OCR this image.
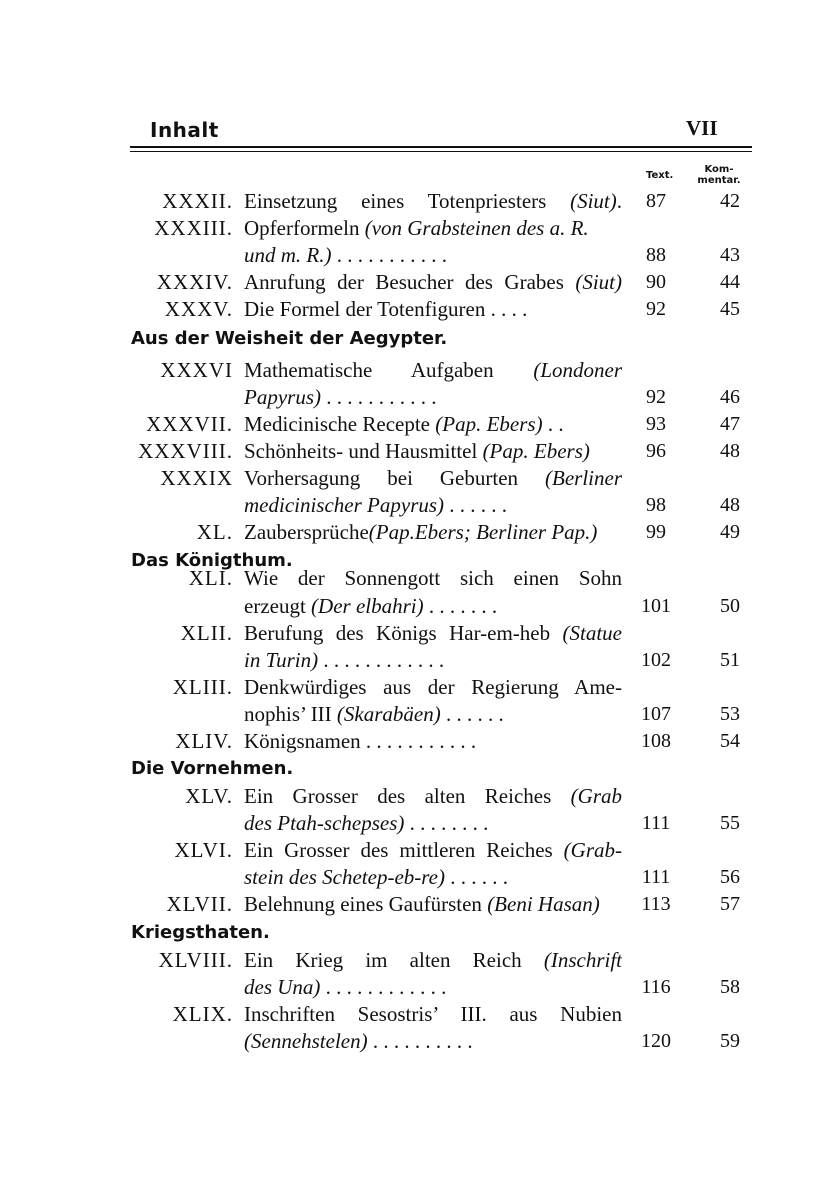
Inhalt	VII
Text.
Kom-
mentar.
XXXII. Einsetzung eines Totenpriesters (Siut).	87	42
XXXIII. Opferformeln (von Grabsteinen des a. R.
und m. R.) . . . . . . . . . . .	88	43
XXXIV. Anrufung der Besucher des Grabes (Siut)	90	44
XXXV. Die Formel der Totenfiguren . . . .	92	45
Aus der Weisheit der Aegypter.
XXXVI Mathematische Aufgaben (Londoner
Papyrus) . . . . . . . . . . .	92	46
XXXVII. Medicinische Recepte (Pap. Ebers) . .	93	47
XXXVIII. Schönheits- und Hausmittel (Pap. Ebers)	96	48
XXXIX Vorhersagung bei Geburten (Berliner
medicinischer Papyrus) . . . . . .	98	48
XL. Zaubersprüche(Pap.Ebers; Berliner Pap.)	99	49
Das Königthum.
XLI. Wie der Sonnengott sich einen Sohn
erzeugt (Der elbahri) . . . . . . .	101	50
XLII. Berufung des Königs Har-em-heb (Statue
in Turin) . . . . . . . . . . . .	102	51
XLIII. Denkwürdiges aus der Regierung Ame-
nophis’ III (Skarabäen) . . . . . .	107	53
XLIV. Königsnamen . . . . . . . . . . .	108	54
Die Vornehmen.
XLV. Ein Grosser des alten Reiches (Grab
des Ptah-schepses) . . . . . . . .	111	55
XLVI. Ein Grosser des mittleren Reiches (Grab-
stein des Schetep-eb-re) . . . . . .	111	56
XLVII. Belehnung eines Gaufürsten (Beni Hasan)	113	57
Kriegsthaten.
XLVIII. Ein Krieg im alten Reich (Inschrift
des Una) . . . . . . . . . . . .	116	58
XLIX. Inschriften Sesostris’ III. aus Nubien
(Sennehstelen) . . . . . . . . . .	120	59
